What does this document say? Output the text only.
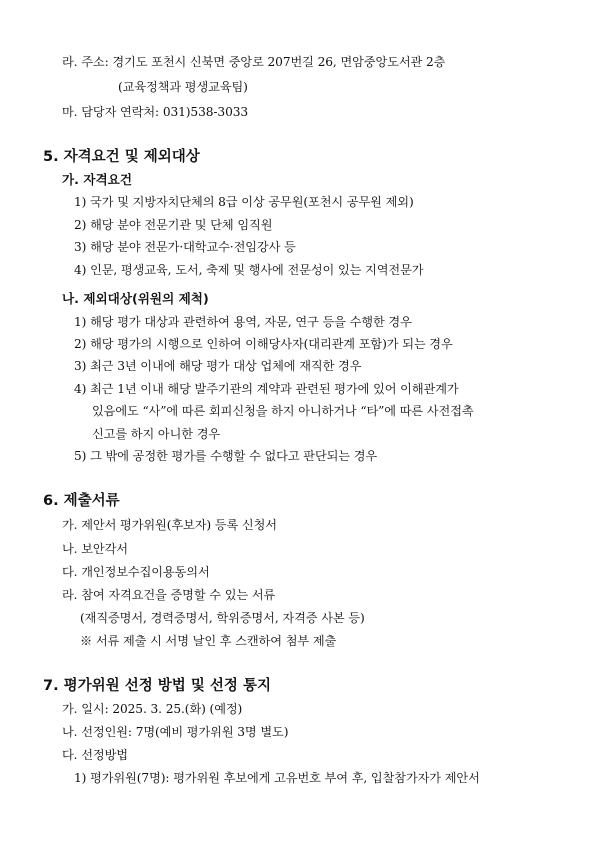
라. 주소: 경기도 포천시 신북면 중앙로 207번길 26, 면암중앙도서관 2층
(교육정책과 평생교육팀)
마. 담당자 연락처: 031)538-3033
5. 자격요건 및 제외대상
가. 자격요건
1) 국가 및 지방자치단체의 8급 이상 공무원(포천시 공무원 제외)
2) 해당 분야 전문기관 및 단체 임직원
3) 해당 분야 전문가·대학교수·전임강사 등
4) 인문, 평생교육, 도서, 축제 및 행사에 전문성이 있는 지역전문가
나. 제외대상(위원의 제척)
1) 해당 평가 대상과 관련하여 용역, 자문, 연구 등을 수행한 경우
2) 해당 평가의 시행으로 인하여 이해당사자(대리관계 포함)가 되는 경우
3) 최근 3년 이내에 해당 평가 대상 업체에 재직한 경우
4) 최근 1년 이내 해당 발주기관의 계약과 관련된 평가에 있어 이해관계가
있음에도 “사”에 따른 회피신청을 하지 아니하거나 “타”에 따른 사전접촉
신고를 하지 아니한 경우
5) 그 밖에 공정한 평가를 수행할 수 없다고 판단되는 경우
6. 제출서류
가. 제안서 평가위원(후보자) 등록 신청서
나. 보안각서
다. 개인정보수집이용동의서
라. 참여 자격요건을 증명할 수 있는 서류
(재직증명서, 경력증명서, 학위증명서, 자격증 사본 등)
※ 서류 제출 시 서명 날인 후 스캔하여 첨부 제출
7. 평가위원 선정 방법 및 선정 통지
가. 일시: 2025. 3. 25.(화) (예정)
나. 선정인원: 7명(예비 평가위원 3명 별도)
다. 선정방법
1) 평가위원(7명): 평가위원 후보에게 고유번호 부여 후, 입찰참가자가 제안서
